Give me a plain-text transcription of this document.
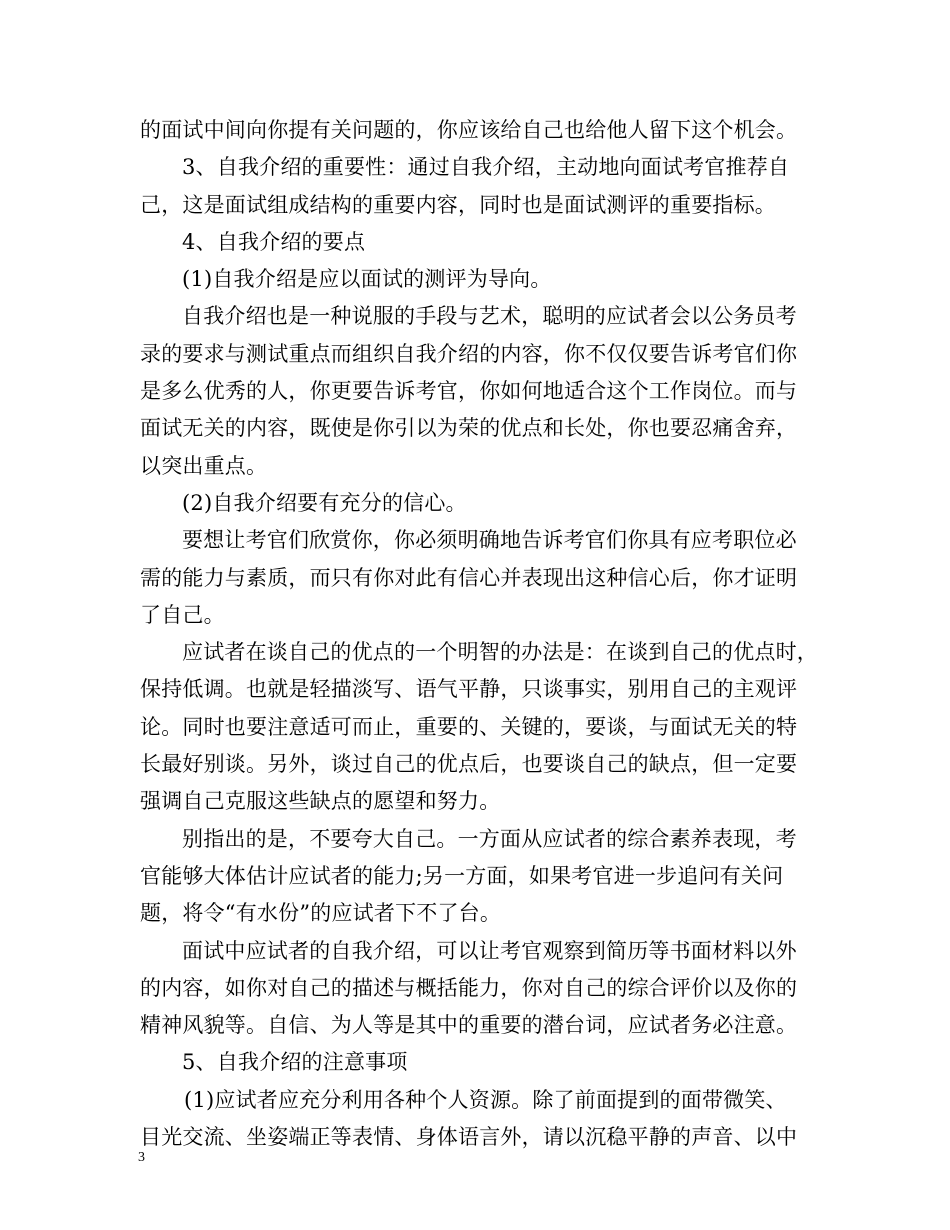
的面试中间向你提有关问题的，你应该给自己也给他人留下这个机会。
3、自我介绍的重要性：通过自我介绍，主动地向面试考官推荐自
己，这是面试组成结构的重要内容，同时也是面试测评的重要指标。
4、自我介绍的要点
(1)自我介绍是应以面试的测评为导向。
自我介绍也是一种说服的手段与艺术，聪明的应试者会以公务员考
录的要求与测试重点而组织自我介绍的内容，你不仅仅要告诉考官们你
是多么优秀的人，你更要告诉考官，你如何地适合这个工作岗位。而与
面试无关的内容，既使是你引以为荣的优点和长处，你也要忍痛舍弃，
以突出重点。
(2)自我介绍要有充分的信心。
要想让考官们欣赏你，你必须明确地告诉考官们你具有应考职位必
需的能力与素质，而只有你对此有信心并表现出这种信心后，你才证明
了自己。
应试者在谈自己的优点的一个明智的办法是：在谈到自己的优点时，
保持低调。也就是轻描淡写、语气平静，只谈事实，别用自己的主观评
论。同时也要注意适可而止，重要的、关键的，要谈，与面试无关的特
长最好别谈。另外，谈过自己的优点后，也要谈自己的缺点，但一定要
强调自己克服这些缺点的愿望和努力。
别指出的是，不要夸大自己。一方面从应试者的综合素养表现，考
官能够大体估计应试者的能力;另一方面，如果考官进一步追问有关问
题，将令“有水份”的应试者下不了台。
面试中应试者的自我介绍，可以让考官观察到简历等书面材料以外
的内容，如你对自己的描述与概括能力，你对自己的综合评价以及你的
精神风貌等。自信、为人等是其中的重要的潜台词，应试者务必注意。
5、自我介绍的注意事项
(1)应试者应充分利用各种个人资源。除了前面提到的面带微笑、
目光交流、坐姿端正等表情、身体语言外，请以沉稳平静的声音、以中
3
